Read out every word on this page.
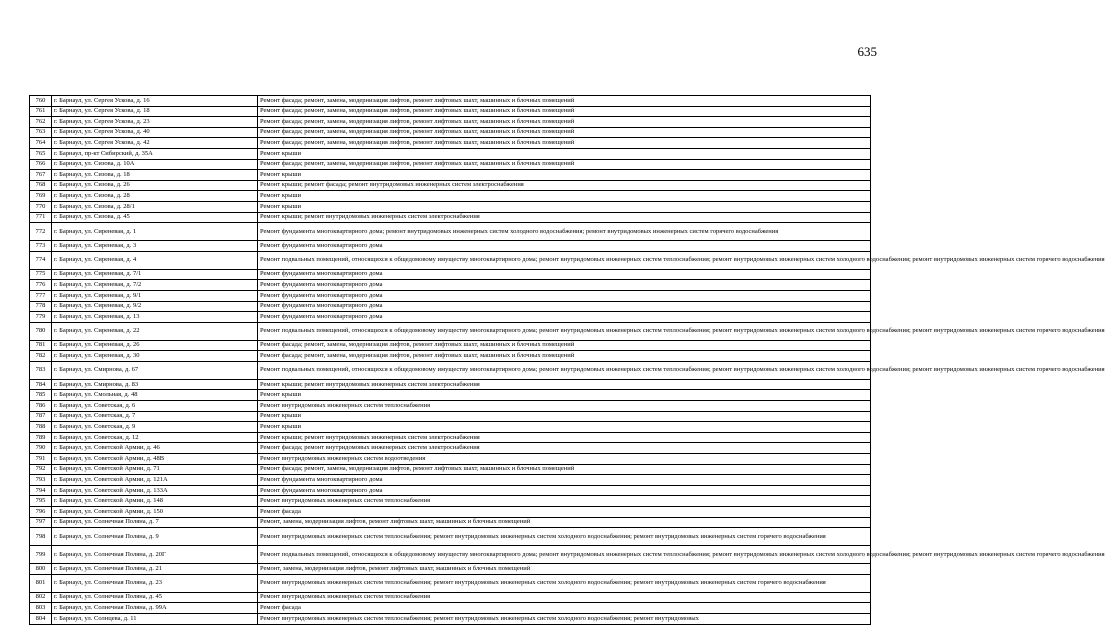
635
760	г. Барнаул, ул. Сергея Ускова, д. 16	Ремонт фасада; ремонт, замена, модернизация лифтов, ремонт лифтовых шахт, машинных и блочных помещений
761	г. Барнаул, ул. Сергея Ускова, д. 18	Ремонт фасада; ремонт, замена, модернизация лифтов, ремонт лифтовых шахт, машинных и блочных помещений
762	г. Барнаул, ул. Сергея Ускова, д. 23	Ремонт фасада; ремонт, замена, модернизация лифтов, ремонт лифтовых шахт, машинных и блочных помещений
763	г. Барнаул, ул. Сергея Ускова, д. 40	Ремонт фасада; ремонт, замена, модернизация лифтов, ремонт лифтовых шахт, машинных и блочных помещений
764	г. Барнаул, ул. Сергея Ускова, д. 42	Ремонт фасада; ремонт, замена, модернизация лифтов, ремонт лифтовых шахт, машинных и блочных помещений
765	г. Барнаул, пр-кт Сибирский, д. 35А	Ремонт крыши
766	г. Барнаул, ул. Сизова, д. 10А	Ремонт фасада; ремонт, замена, модернизация лифтов, ремонт лифтовых шахт, машинных и блочных помещений
767	г. Барнаул, ул. Сизова, д. 18	Ремонт крыши
768	г. Барнаул, ул. Сизова, д. 26	Ремонт крыши; ремонт фасада; ремонт внутридомовых инженерных систем электроснабжения
769	г. Барнаул, ул. Сизова, д. 28	Ремонт крыши
770	г. Барнаул, ул. Сизова, д. 28/1	Ремонт крыши
771	г. Барнаул, ул. Сизова, д. 45	Ремонт крыши; ремонт внутридомовых инженерных систем электроснабжения
772	г. Барнаул, ул. Сиреневая, д. 1	Ремонт фундамента многоквартирного дома; ремонт внутридомовых инженерных систем холодного водоснабжения; ремонт внутридомовых инженерных систем горячего водоснабжения
773	г. Барнаул, ул. Сиреневая, д. 3	Ремонт фундамента многоквартирного дома
774	г. Барнаул, ул. Сиреневая, д. 4	Ремонт подвальных помещений, относящихся к общедомовому имуществу многоквартирного дома; ремонт внутридомовых инженерных систем теплоснабжения; ремонт внутридомовых инженерных систем холодного водоснабжения; ремонт внутридомовых инженерных систем горячего водоснабжения
775	г. Барнаул, ул. Сиреневая, д. 7/1	Ремонт фундамента многоквартирного дома
776	г. Барнаул, ул. Сиреневая, д. 7/2	Ремонт фундамента многоквартирного дома
777	г. Барнаул, ул. Сиреневая, д. 9/1	Ремонт фундамента многоквартирного дома
778	г. Барнаул, ул. Сиреневая, д. 9/2	Ремонт фундамента многоквартирного дома
779	г. Барнаул, ул. Сиреневая, д. 13	Ремонт фундамента многоквартирного дома
780	г. Барнаул, ул. Сиреневая, д. 22	Ремонт подвальных помещений, относящихся к общедомовому имуществу многоквартирного дома; ремонт внутридомовых инженерных систем теплоснабжения; ремонт внутридомовых инженерных систем холодного водоснабжения; ремонт внутридомовых инженерных систем горячего водоснабжения
781	г. Барнаул, ул. Сиреневая, д. 26	Ремонт фасада; ремонт, замена, модернизация лифтов, ремонт лифтовых шахт, машинных и блочных помещений
782	г. Барнаул, ул. Сиреневая, д. 30	Ремонт фасада; ремонт, замена, модернизация лифтов, ремонт лифтовых шахт, машинных и блочных помещений
783	г. Барнаул, ул. Смирнова, д. 67	Ремонт подвальных помещений, относящихся к общедомовому имуществу многоквартирного дома; ремонт внутридомовых инженерных систем теплоснабжения; ремонт внутридомовых инженерных систем холодного водоснабжения; ремонт внутридомовых инженерных систем горячего водоснабжения
784	г. Барнаул, ул. Смирнова, д. 83	Ремонт крыши; ремонт внутридомовых инженерных систем электроснабжения
785	г. Барнаул, ул. Смольная, д. 48	Ремонт крыши
786	г. Барнаул, ул. Советская, д. 6	Ремонт внутридомовых инженерных систем теплоснабжения
787	г. Барнаул, ул. Советская, д. 7	Ремонт крыши
788	г. Барнаул, ул. Советская, д. 9	Ремонт крыши
789	г. Барнаул, ул. Советская, д. 12	Ремонт крыши; ремонт внутридомовых инженерных систем электроснабжения
790	г. Барнаул, ул. Советской Армии, д. 46	Ремонт фасада; ремонт внутридомовых инженерных систем электроснабжения
791	г. Барнаул, ул. Советской Армии, д. 48В	Ремонт внутридомовых инженерных систем водоотведения
792	г. Барнаул, ул. Советской Армии, д. 71	Ремонт фасада; ремонт, замена, модернизация лифтов, ремонт лифтовых шахт, машинных и блочных помещений
793	г. Барнаул, ул. Советской Армии, д. 121А	Ремонт фундамента многоквартирного дома
794	г. Барнаул, ул. Советской Армии, д. 133А	Ремонт фундамента многоквартирного дома
795	г. Барнаул, ул. Советской Армии, д. 148	Ремонт внутридомовых инженерных систем теплоснабжения
796	г. Барнаул, ул. Советской Армии, д. 150	Ремонт фасада
797	г. Барнаул, ул. Солнечная Поляна, д. 7	Ремонт, замена, модернизация лифтов, ремонт лифтовых шахт, машинных и блочных помещений
798	г. Барнаул, ул. Солнечная Поляна, д. 9	Ремонт внутридомовых инженерных систем теплоснабжения; ремонт внутридомовых инженерных систем холодного водоснабжения; ремонт внутридомовых инженерных систем горячего водоснабжения
799	г. Барнаул, ул. Солнечная Поляна, д. 20Г	Ремонт подвальных помещений, относящихся к общедомовому имуществу многоквартирного дома; ремонт внутридомовых инженерных систем теплоснабжения; ремонт внутридомовых инженерных систем холодного водоснабжения; ремонт внутридомовых инженерных систем горячего водоснабжения
800	г. Барнаул, ул. Солнечная Поляна, д. 21	Ремонт, замена, модернизация лифтов, ремонт лифтовых шахт, машинных и блочных помещений
801	г. Барнаул, ул. Солнечная Поляна, д. 23	Ремонт внутридомовых инженерных систем теплоснабжения; ремонт внутридомовых инженерных систем холодного водоснабжения; ремонт внутридомовых инженерных систем горячего водоснабжения
802	г. Барнаул, ул. Солнечная Поляна, д. 45	Ремонт внутридомовых инженерных систем теплоснабжения
803	г. Барнаул, ул. Солнечная Поляна, д. 99А	Ремонт фасада
804	г. Барнаул, ул. Солнцева, д. 11	Ремонт внутридомовых инженерных систем теплоснабжения; ремонт внутридомовых инженерных систем холодного водоснабжения; ремонт внутридомовых
